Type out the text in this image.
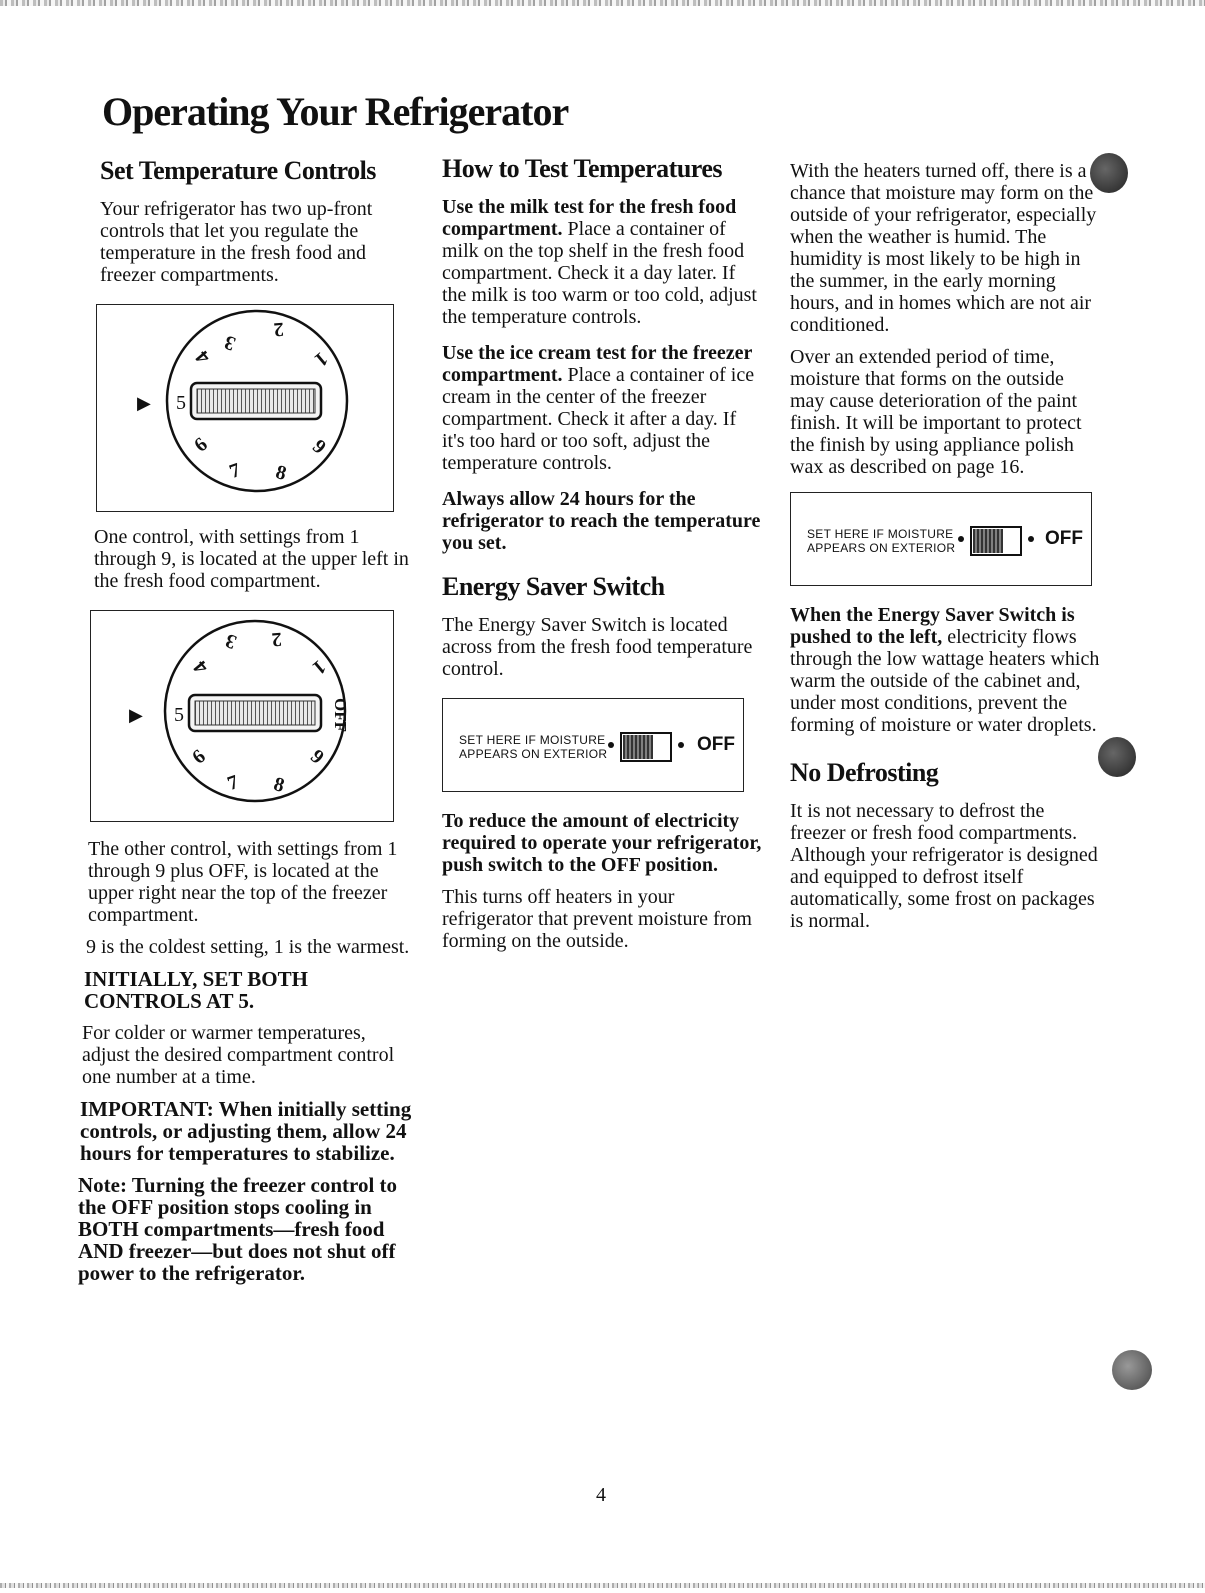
Operating Your Refrigerator
Set Temperature Controls

Your refrigerator has two up-front controls that let you regulate the temperature in the fresh food and freezer compartments.

3
2
4	1
5
6	9
7 8
▶

One control, with settings from 1 through 9, is located at the upper left in the fresh food compartment.

3 2
4	1
5
6	9
7 8
OFF
▶

The other control, with settings from 1 through 9 plus OFF, is located at the upper right near the top of the freezer compartment.

9 is the coldest setting, 1 is the warmest.

INITIALLY, SET BOTH CONTROLS AT 5.

For colder or warmer temperatures, adjust the desired compartment control one number at a time.

IMPORTANT: When initially setting controls, or adjusting them, allow 24 hours for temperatures to stabilize.

Note: Turning the freezer control to the OFF position stops cooling in BOTH compartments—fresh food AND freezer—but does not shut off power to the refrigerator.

How to Test Temperatures

Use the milk test for the fresh food compartment. Place a container of milk on the top shelf in the fresh food compartment. Check it a day later. If the milk is too warm or too cold, adjust the temperature controls.

Use the ice cream test for the freezer compartment. Place a container of ice cream in the center of the freezer compartment. Check it after a day. If it's too hard or too soft, adjust the temperature controls.

Always allow 24 hours for the refrigerator to reach the temperature you set.

Energy Saver Switch

The Energy Saver Switch is located across from the fresh food temperature control.

SET HERE IF MOISTURE
APPEARS ON EXTERIOR	OFF

To reduce the amount of electricity required to operate your refrigerator, push switch to the OFF position.

This turns off heaters in your refrigerator that prevent moisture from forming on the outside.

With the heaters turned off, there is a chance that moisture may form on the outside of your refrigerator, especially when the weather is humid. The humidity is most likely to be high in the summer, in the early morning hours, and in homes which are not air conditioned.

Over an extended period of time, moisture that forms on the outside may cause deterioration of the paint finish. It will be important to protect the finish by using appliance polish wax as described on page 16.

SET HERE IF MOISTURE
APPEARS ON EXTERIOR	OFF

When the Energy Saver Switch is pushed to the left, electricity flows through the low wattage heaters which warm the outside of the cabinet and, under most conditions, prevent the forming of moisture or water droplets.

No Defrosting

It is not necessary to defrost the freezer or fresh food compartments. Although your refrigerator is designed and equipped to defrost itself automatically, some frost on packages is normal.

4
